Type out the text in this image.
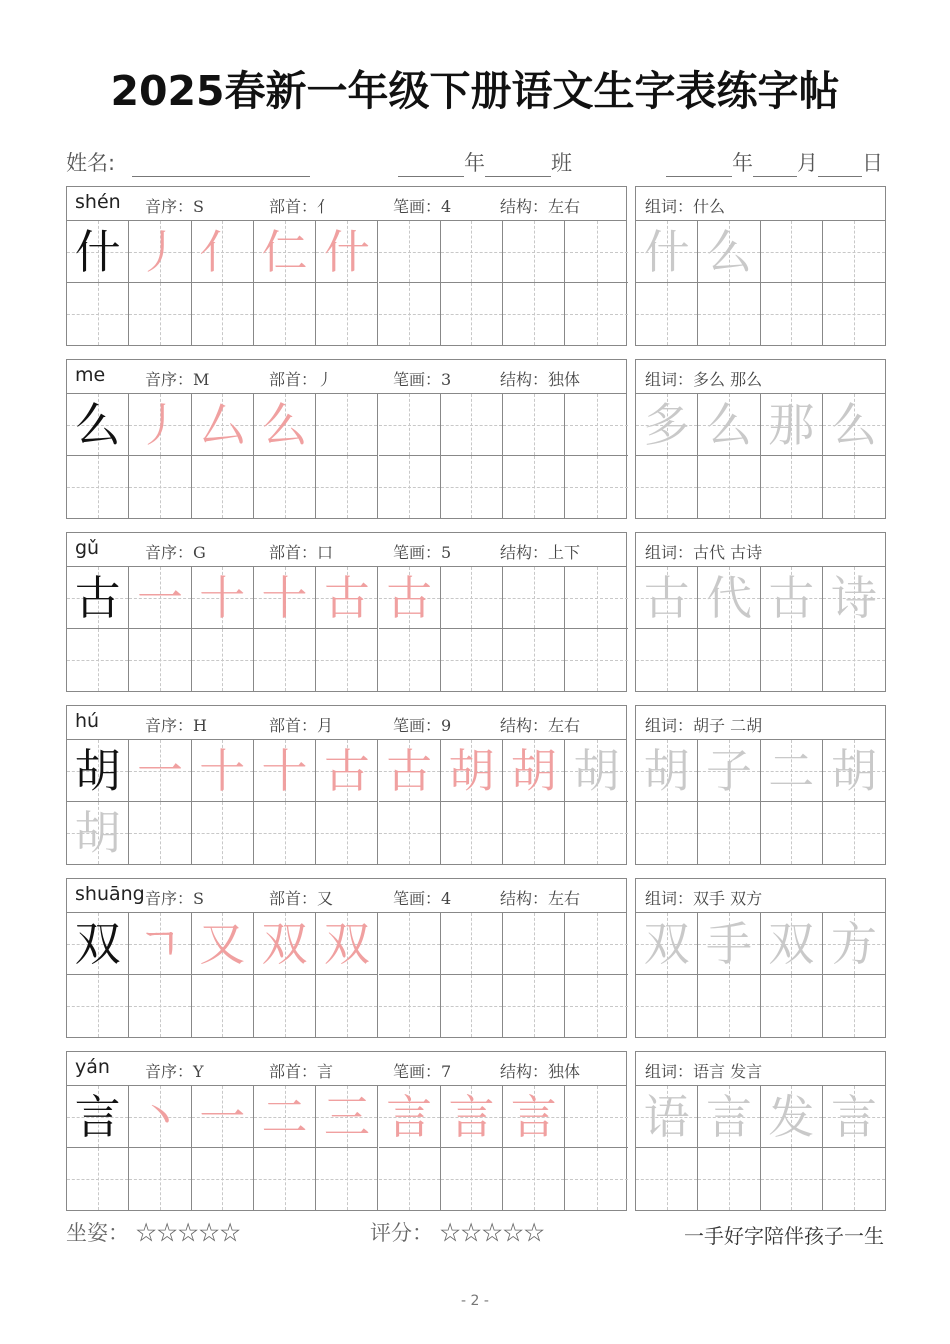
2025春新一年级下册语文生字表练字帖
姓名:	年	班	年 月 日
shén 音序：S	部首：亻	笔画：4	结构：左右
什 丿 亻 仁 什
组词：什么
什 么
me 音序：M	部首：丿	笔画：3	结构：独体
么 丿 厶 么
组词：多么 那么
多 么 那 么
gǔ	音序：G	部首：口	笔画：5	结构：上下
古 一 十 十 古 古
组词：古代 古诗
古 代 古 诗
hú	音序：H	部首：月	笔画：9	结构：左右
胡 一 十 十 古 古 胡 胡 胡
胡
组词：胡子 二胡
胡 子 二 胡
shuāng 音序：S	部首：又	笔画：4	结构：左右
双 ㄱ 又 双 双
组词：双手 双方
双 手 双 方
yán 音序：Y	部首：言	笔画：7	结构：独体
言 丶 一 二 三 言 言 言
组词：语言 发言
语 言 发 言
坐姿： ☆☆☆☆☆	评分： ☆☆☆☆☆	一手好字陪伴孩子一生
- 2 -
